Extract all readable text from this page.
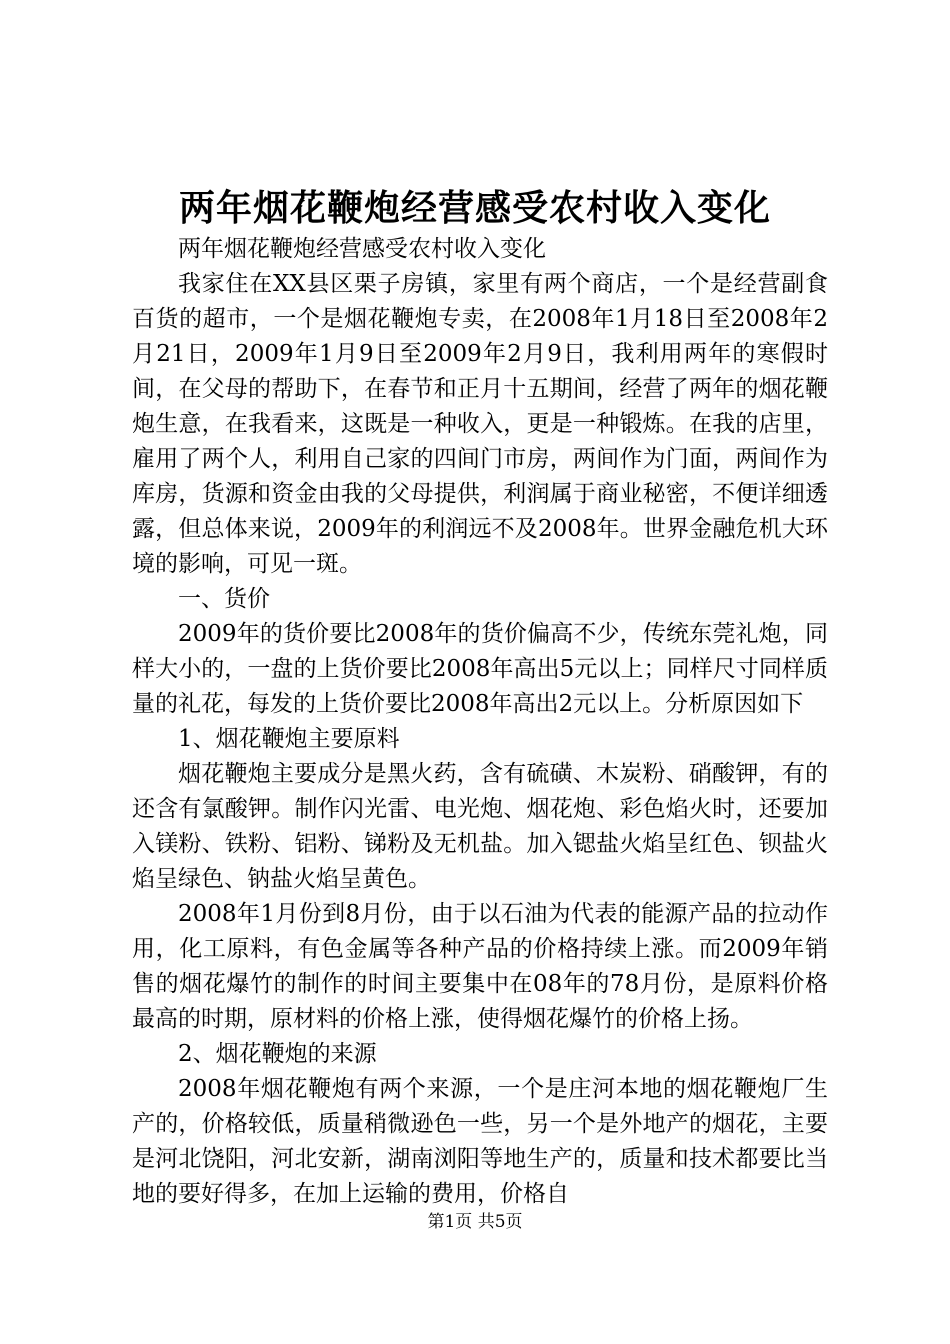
两年烟花鞭炮经营感受农村收入变化

两年烟花鞭炮经营感受农村收入变化

我家住在XX县区栗子房镇，家里有两个商店，一个是经营副食百货的超市，一个是烟花鞭炮专卖，在2008年1月18日至2008年2月21日，2009年1月9日至2009年2月9日，我利用两年的寒假时间，在父母的帮助下，在春节和正月十五期间，经营了两年的烟花鞭炮生意，在我看来，这既是一种收入，更是一种锻炼。在我的店里，雇用了两个人，利用自己家的四间门市房，两间作为门面，两间作为库房，货源和资金由我的父母提供，利润属于商业秘密，不便详细透露，但总体来说，2009年的利润远不及2008年。世界金融危机大环境的影响，可见一斑。

一、货价

2009年的货价要比2008年的货价偏高不少，传统东莞礼炮，同样大小的，一盘的上货价要比2008年高出5元以上；同样尺寸同样质量的礼花，每发的上货价要比2008年高出2元以上。分析原因如下

1、烟花鞭炮主要原料

烟花鞭炮主要成分是黑火药，含有硫磺、木炭粉、硝酸钾，有的还含有氯酸钾。制作闪光雷、电光炮、烟花炮、彩色焰火时，还要加入镁粉、铁粉、铝粉、锑粉及无机盐。加入锶盐火焰呈红色、钡盐火焰呈绿色、钠盐火焰呈黄色。

2008年1月份到8月份，由于以石油为代表的能源产品的拉动作用，化工原料，有色金属等各种产品的价格持续上涨。而2009年销售的烟花爆竹的制作的时间主要集中在08年的78月份，是原料价格最高的时期，原材料的价格上涨，使得烟花爆竹的价格上扬。

2、烟花鞭炮的来源

2008年烟花鞭炮有两个来源，一个是庄河本地的烟花鞭炮厂生产的，价格较低，质量稍微逊色一些，另一个是外地产的烟花，主要是河北饶阳，河北安新，湖南浏阳等地生产的，质量和技术都要比当地的要好得多，在加上运输的费用，价格自

第1页 共5页
